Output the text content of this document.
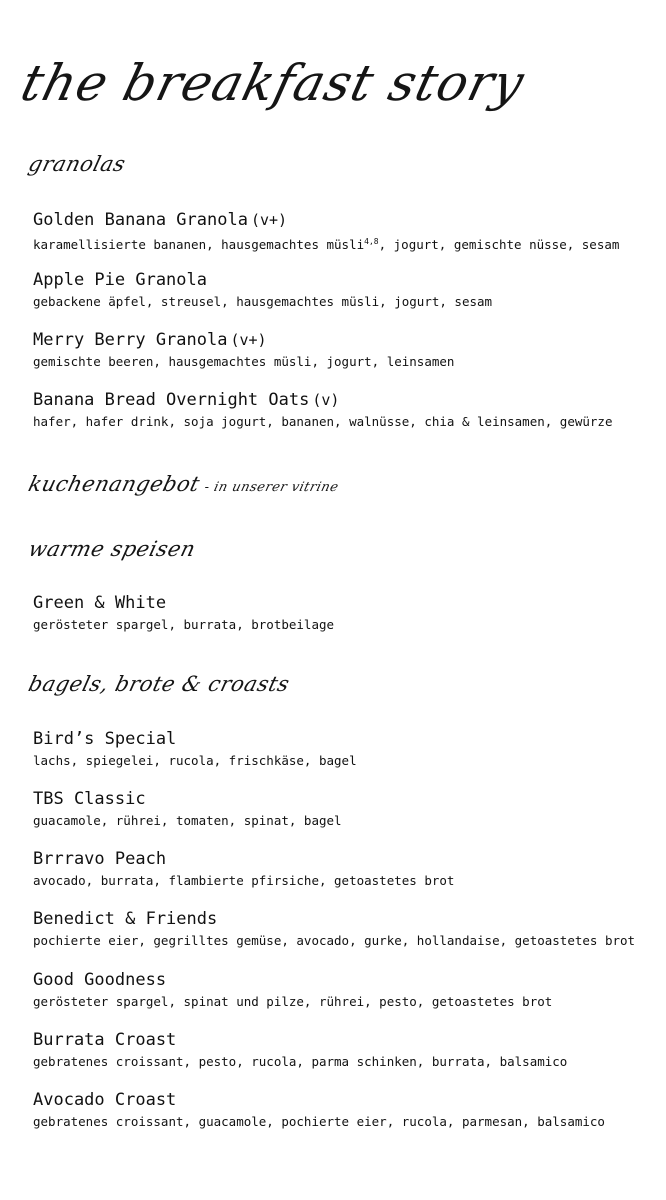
the breakfast story
granolas
Golden Banana Granola (v+)
karamellisierte bananen, hausgemachtes müsli$^{4,8}$, jogurt, gemischte nüsse, sesam
Apple Pie Granola
gebackene äpfel, streusel, hausgemachtes müsli, jogurt, sesam
Merry Berry Granola (v+)
gemischte beeren, hausgemachtes müsli, jogurt, leinsamen
Banana Bread Overnight Oats (v)
hafer, hafer drink, soja jogurt, bananen, walnüsse, chia & leinsamen, gewürze
kuchenangebot- in unserer vitrine
warme speisen
Green & White
gerösteter spargel, burrata, brotbeilage
bagels, brote & croasts
Bird’s Special
lachs, spiegelei, rucola, frischkäse, bagel
TBS Classic
guacamole, rührei, tomaten, spinat, bagel
Brrravo Peach
avocado, burrata, flambierte pfirsiche, getoastetes brot
Benedict & Friends
pochierte eier, gegrilltes gemüse, avocado, gurke, hollandaise, getoastetes brot
Good Goodness
gerösteter spargel, spinat und pilze, rührei, pesto, getoastetes brot
Burrata Croast
gebratenes croissant, pesto, rucola, parma schinken, burrata, balsamico
Avocado Croast
gebratenes croissant, guacamole, pochierte eier, rucola, parmesan, balsamico
